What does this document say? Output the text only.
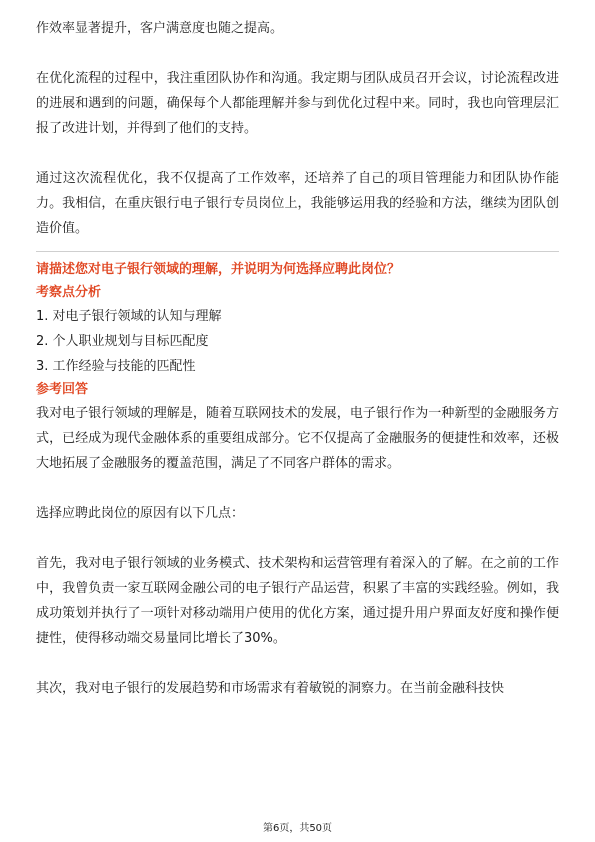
作效率显著提升，客户满意度也随之提高。

在优化流程的过程中，我注重团队协作和沟通。我定期与团队成员召开会议，讨论流程改进的进展和遇到的问题，确保每个人都能理解并参与到优化过程中来。同时，我也向管理层汇报了改进计划，并得到了他们的支持。

通过这次流程优化，我不仅提高了工作效率，还培养了自己的项目管理能力和团队协作能力。我相信，在重庆银行电子银行专员岗位上，我能够运用我的经验和方法，继续为团队创造价值。

请描述您对电子银行领域的理解，并说明为何选择应聘此岗位？

考察点分析

1. 对电子银行领域的认知与理解
2. 个人职业规划与目标匹配度
3. 工作经验与技能的匹配性

参考回答

我对电子银行领域的理解是，随着互联网技术的发展，电子银行作为一种新型的金融服务方式，已经成为现代金融体系的重要组成部分。它不仅提高了金融服务的便捷性和效率，还极大地拓展了金融服务的覆盖范围，满足了不同客户群体的需求。

选择应聘此岗位的原因有以下几点：

首先，我对电子银行领域的业务模式、技术架构和运营管理有着深入的了解。在之前的工作中，我曾负责一家互联网金融公司的电子银行产品运营，积累了丰富的实践经验。例如，我成功策划并执行了一项针对移动端用户使用的优化方案，通过提升用户界面友好度和操作便捷性，使得移动端交易量同比增长了30%。

其次，我对电子银行的发展趋势和市场需求有着敏锐的洞察力。在当前金融科技快

第6页，共50页
